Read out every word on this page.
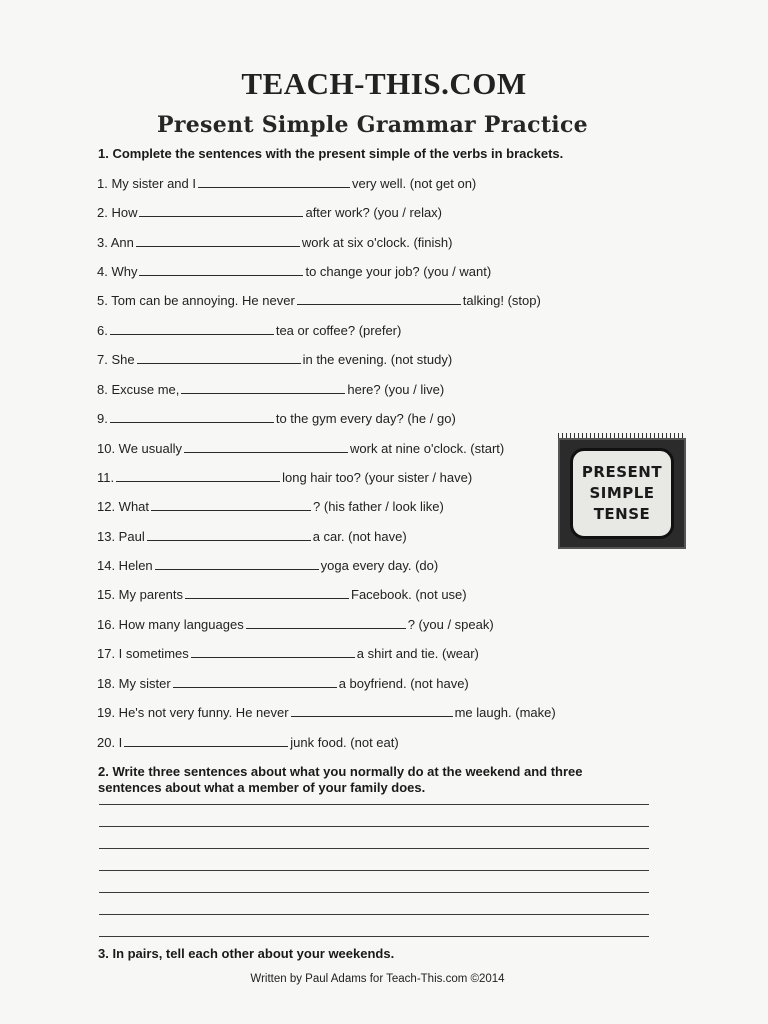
TEACH-THIS.COM
Present Simple Grammar Practice
1. Complete the sentences with the present simple of the verbs in brackets.
1. My sister and I	very well. (not get on)
2. How	after work? (you / relax)
3. Ann	work at six o'clock. (finish)
4. Why	to change your job? (you / want)
5. Tom can be annoying. He never	talking! (stop)
6.	tea or coffee? (prefer)
7. She	in the evening. (not study)
8. Excuse me,	here? (you / live)
9.	to the gym every day? (he / go)
10. We usually	work at nine o'clock. (start)
11.	long hair too? (your sister / have)
12. What	? (his father / look like)
13. Paul	a car. (not have)
14. Helen	yoga every day. (do)
15. My parents	Facebook. (not use)
16. How many languages	? (you / speak)
17. I sometimes	a shirt and tie. (wear)
18. My sister	a boyfriend. (not have)
19. He's not very funny. He never	me laugh. (make)
20. I	junk food. (not eat)
PRESENT
SIMPLE
TENSE
2. Write three sentences about what you normally do at the weekend and three
sentences about what a member of your family does.
3. In pairs, tell each other about your weekends.
Written by Paul Adams for Teach-This.com ©2014
